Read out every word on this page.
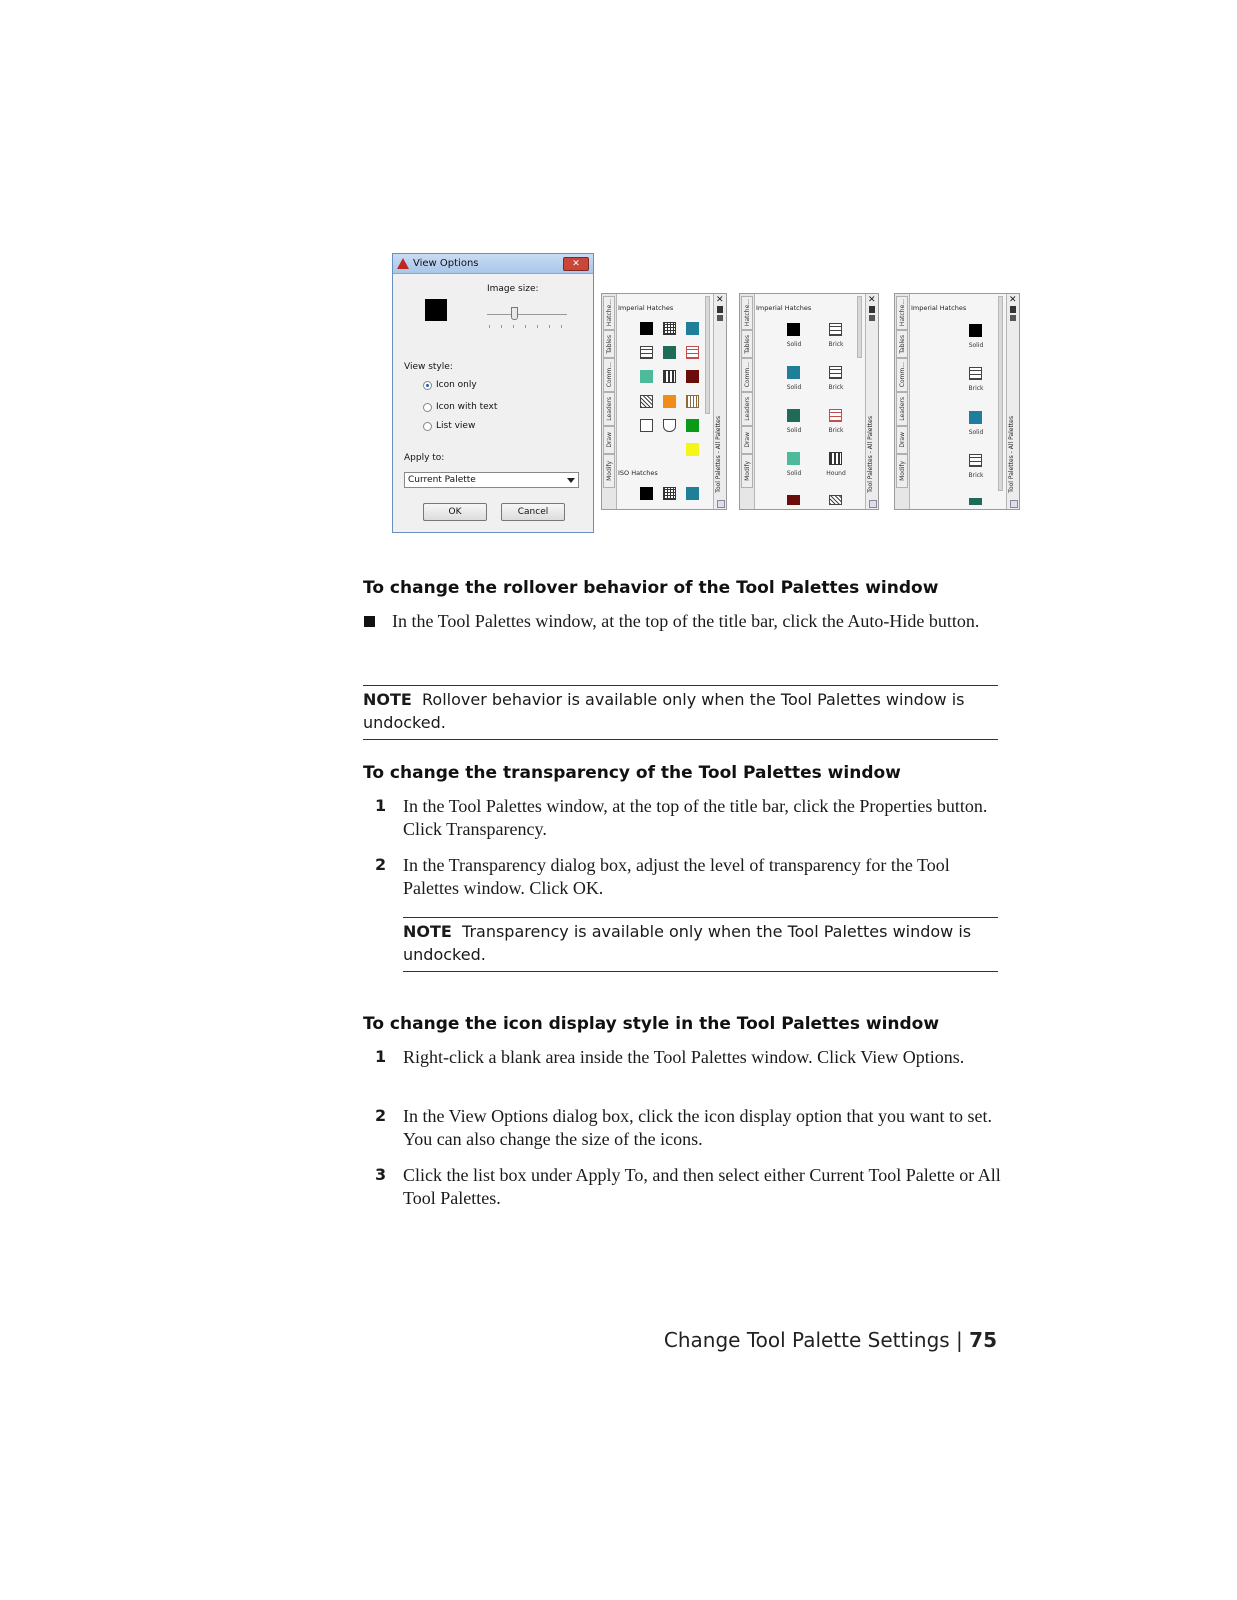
View Options	✕
Image size:
View style:
Icon only
Icon with text
List view
Apply to:
Current Palette
OK	Cancel
Hatche...
Tables
Comm...
Leaders
Draw
Modify
Imperial Hatches
ISO Hatches
✕
Tool Palettes - All Palettes
Hatche...
Tables
Comm...
Leaders
Draw
Modify
Imperial Hatches
Solid	Brick
Solid	Brick
Solid	Brick
Solid	Hound
✕
Tool Palettes - All Palettes
Hatche...
Tables
Comm...
Leaders
Draw
Modify
Imperial Hatches
Solid
Brick
Solid
Brick
✕
Tool Palettes - All Palettes
To change the rollover behavior of the Tool Palettes window
In the Tool Palettes window, at the top of the title bar, click the Auto-Hide button.
NOTE Rollover behavior is available only when the Tool Palettes window is undocked.
To change the transparency of the Tool Palettes window
1 In the Tool Palettes window, at the top of the title bar, click the Properties button. Click Transparency.
2 In the Transparency dialog box, adjust the level of transparency for the Tool Palettes window. Click OK.
NOTE Transparency is available only when the Tool Palettes window is undocked.
To change the icon display style in the Tool Palettes window
1 Right-click a blank area inside the Tool Palettes window. Click View Options.
2 In the View Options dialog box, click the icon display option that you want to set. You can also change the size of the icons.
3 Click the list box under Apply To, and then select either Current Tool Palette or All Tool Palettes.
Change Tool Palette Settings | 75
